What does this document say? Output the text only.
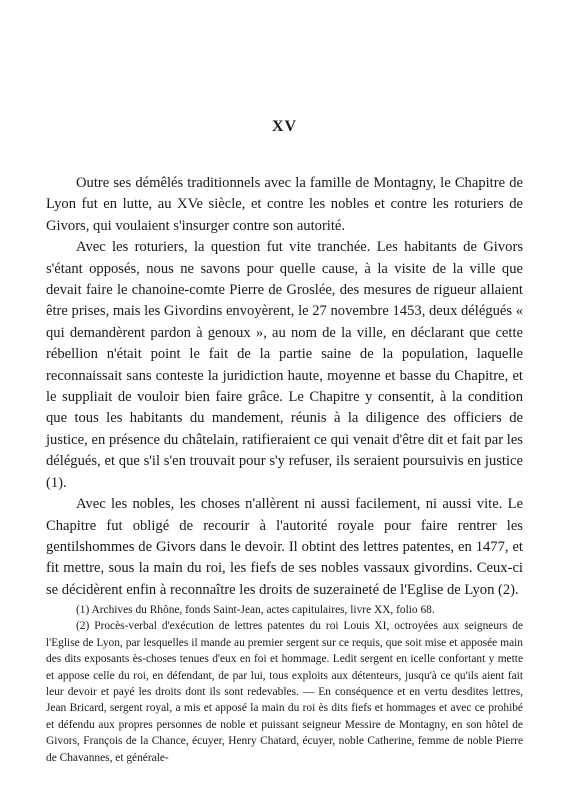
XV

Outre ses démêlés traditionnels avec la famille de Montagny, le Chapitre de Lyon fut en lutte, au XVe siècle, et contre les nobles et contre les roturiers de Givors, qui voulaient s'insurger contre son autorité.

Avec les roturiers, la question fut vite tranchée. Les habitants de Givors s'étant opposés, nous ne savons pour quelle cause, à la visite de la ville que devait faire le chanoine-comte Pierre de Groslée, des mesures de rigueur allaient être prises, mais les Givordins envoyèrent, le 27 novembre 1453, deux délégués « qui demandèrent pardon à genoux », au nom de la ville, en déclarant que cette rébellion n'était point le fait de la partie saine de la population, laquelle reconnaissait sans conteste la juridiction haute, moyenne et basse du Chapitre, et le suppliait de vouloir bien faire grâce. Le Chapitre y consentit, à la condition que tous les habitants du mandement, réunis à la diligence des officiers de justice, en présence du châtelain, ratifieraient ce qui venait d'être dit et fait par les délégués, et que s'il s'en trouvait pour s'y refuser, ils seraient poursuivis en justice (1).

Avec les nobles, les choses n'allèrent ni aussi facilement, ni aussi vite. Le Chapitre fut obligé de recourir à l'autorité royale pour faire rentrer les gentilshommes de Givors dans le devoir. Il obtint des lettres patentes, en 1477, et fit mettre, sous la main du roi, les fiefs de ses nobles vassaux givordins. Ceux-ci se décidèrent enfin à reconnaître les droits de suzeraineté de l'Eglise de Lyon (2).

(1) Archives du Rhône, fonds Saint-Jean, actes capitulaires, livre XX, folio 68.

(2) Procès-verbal d'exécution de lettres patentes du roi Louis XI, octroyées aux seigneurs de l'Eglise de Lyon, par lesquelles il mande au premier sergent sur ce requis, que soit mise et apposée main des dits exposants ès-choses tenues d'eux en foi et hommage. Ledit sergent en icelle confortant y mette et appose celle du roi, en défendant, de par lui, tous exploits aux détenteurs, jusqu'à ce qu'ils aient fait leur devoir et payé les droits dont ils sont redevables. — En conséquence et en vertu desdites lettres, Jean Bricard, sergent royal, a mis et apposé la main du roi ès dits fiefs et hommages et avec ce prohibé et défendu aux propres personnes de noble et puissant seigneur Messire de Montagny, en son hôtel de Givors, François de la Chance, écuyer, Henry Chatard, écuyer, noble Catherine, femme de noble Pierre de Chavannes, et générale-
